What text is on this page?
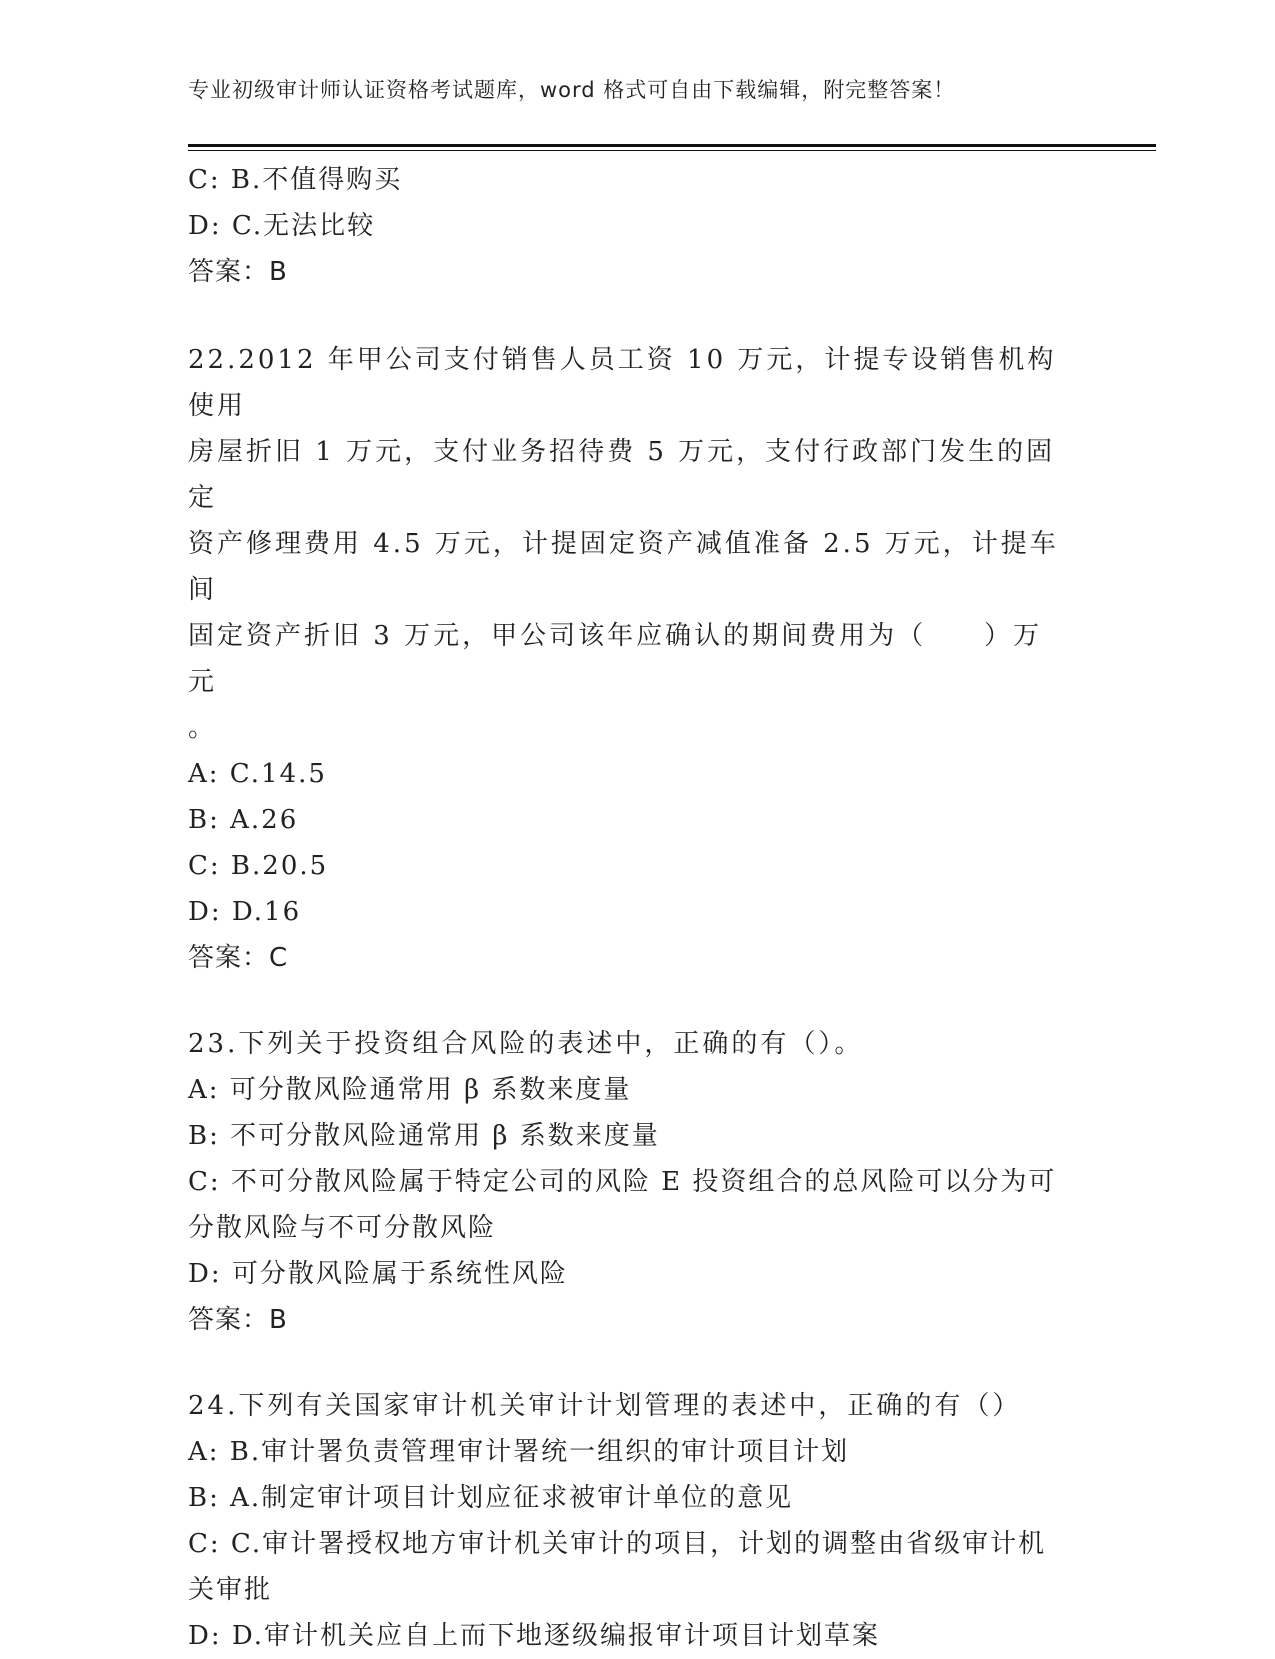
专业初级审计师认证资格考试题库，word 格式可自由下载编辑，附完整答案！
C: B.不值得购买
D: C.无法比较
答案：B
22.2012 年甲公司支付销售人员工资 10 万元，计提专设销售机构使用
房屋折旧 1 万元，支付业务招待费 5 万元，支付行政部门发生的固定
资产修理费用 4.5 万元，计提固定资产减值准备 2.5 万元，计提车间
固定资产折旧 3 万元，甲公司该年应确认的期间费用为（　　）万元
。
A: C.14.5
B: A.26
C: B.20.5
D: D.16
答案：C
23.下列关于投资组合风险的表述中，正确的有（）。
A: 可分散风险通常用 β 系数来度量
B: 不可分散风险通常用 β 系数来度量
C: 不可分散风险属于特定公司的风险 E 投资组合的总风险可以分为可
分散风险与不可分散风险
D: 可分散风险属于系统性风险
答案：B
24.下列有关国家审计机关审计计划管理的表述中，正确的有（）
A: B.审计署负责管理审计署统一组织的审计项目计划
B: A.制定审计项目计划应征求被审计单位的意见
C: C.审计署授权地方审计机关审计的项目，计划的调整由省级审计机
关审批
D: D.审计机关应自上而下地逐级编报审计项目计划草案
